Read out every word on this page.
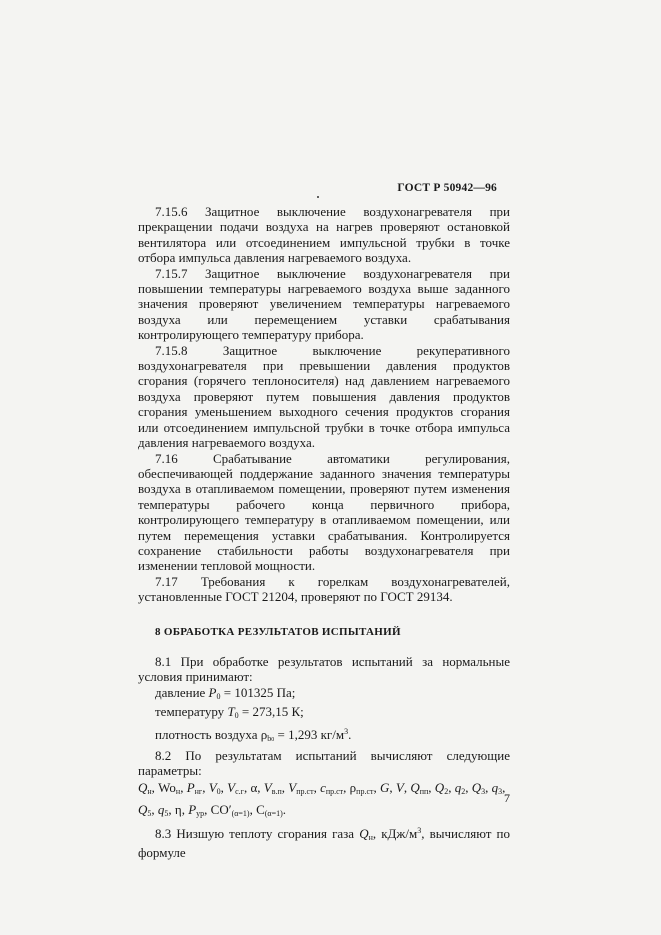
ГОСТ Р 50942—96

7.15.6 Защитное выключение воздухонагревателя при прекращении подачи воздуха на нагрев проверяют остановкой вентилятора или отсоединением импульсной трубки в точке отбора импульса давления нагреваемого воздуха.

7.15.7 Защитное выключение воздухонагревателя при повышении температуры нагреваемого воздуха выше заданного значения проверяют увеличением температуры нагреваемого воздуха или перемещением уставки срабатывания контролирующего температуру прибора.

7.15.8 Защитное выключение рекуперативного воздухонагревателя при превышении давления продуктов сгорания (горячего теплоносителя) над давлением нагреваемого воздуха проверяют путем повышения давления продуктов сгорания уменьшением выходного сечения продуктов сгорания или отсоединением импульсной трубки в точке отбора импульса давления нагреваемого воздуха.

7.16 Срабатывание автоматики регулирования, обеспечивающей поддержание заданного значения температуры воздуха в отапливаемом помещении, проверяют путем изменения температуры рабочего конца первичного прибора, контролирующего температуру в отапливаемом помещении, или путем перемещения уставки срабатывания. Контролируется сохранение стабильности работы воздухонагревателя при изменении тепловой мощности.

7.17 Требования к горелкам воздухонагревателей, установленные ГОСТ 21204, проверяют по ГОСТ 29134.

8 ОБРАБОТКА РЕЗУЛЬТАТОВ ИСПЫТАНИЙ

8.1 При обработке результатов испытаний за нормальные условия принимают:

давление $P_0 = 101325$ Па;
температуру $T_0 = 273,15$ К;
плотность воздуха $\rho_{b0} = 1,293$ $кг/м^3$.

8.2 По результатам испытаний вычисляют следующие параметры:

$Q_н$, $Wo_н$, $P_{нг}$, $V_0$, $V_{с.г}$, α, $V_{в.п}$, $V_{пр.ст}$, $c_{пр.ст}$, $\rho_{пр.ст}$, G, V, $Q_{пп}$, $Q_2$, $q_2$, $Q_3$, $q_3$, $Q_5$, $q_5$, η, $P_{ур}$, $CO'_{(\alpha=1)}$, $C_{(\alpha=1)}$.

8.3 Низшую теплоту сгорания газа $Q_н$, кДж/$м^3$, вычисляют по формуле

7
